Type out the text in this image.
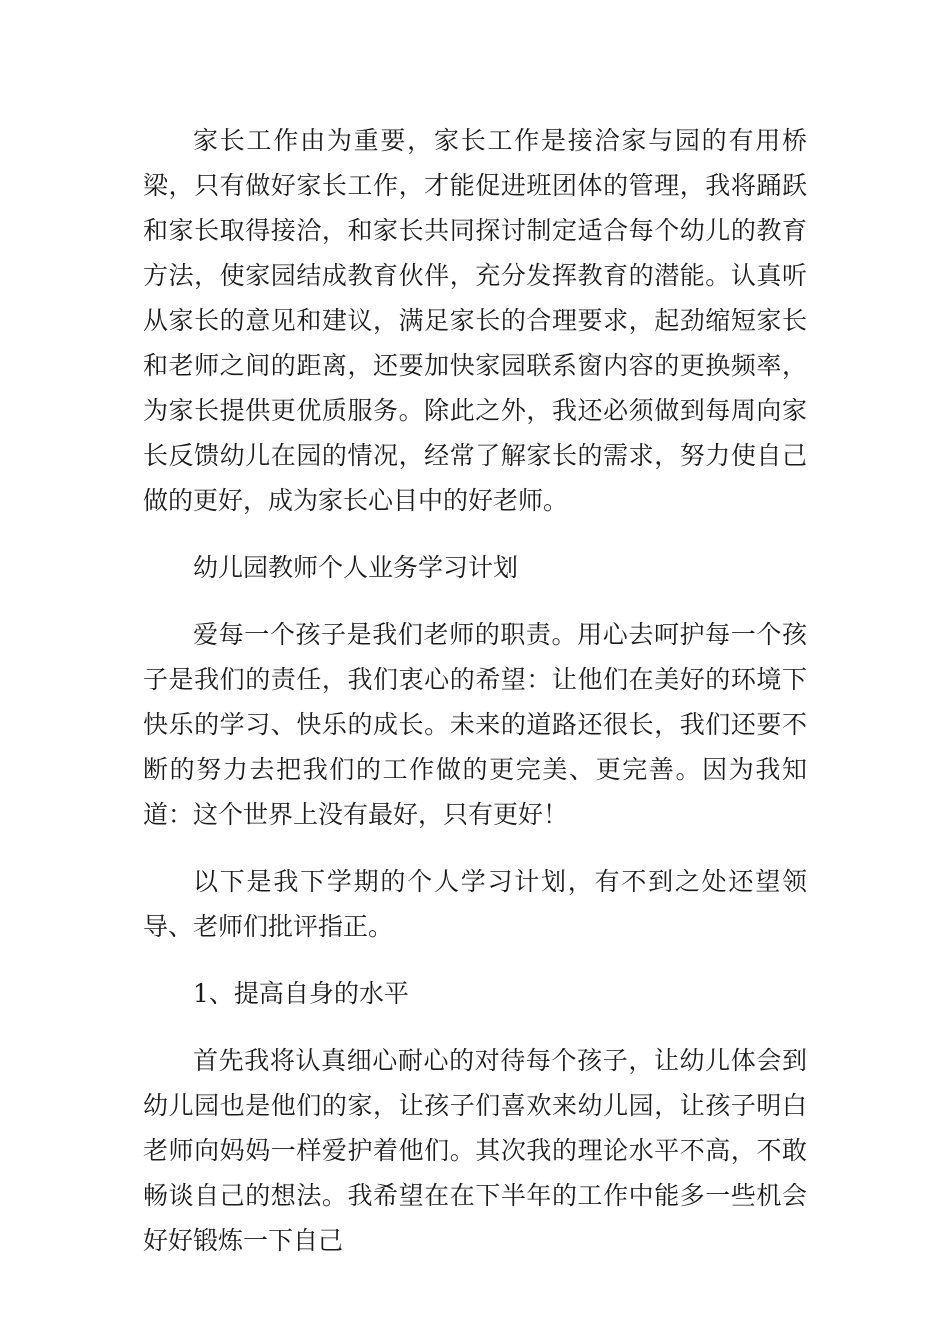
家长工作由为重要，家长工作是接洽家与园的有用桥梁，只有做好家长工作，才能促进班团体的管理，我将踊跃和家长取得接洽，和家长共同探讨制定适合每个幼儿的教育方法，使家园结成教育伙伴，充分发挥教育的潜能。认真听从家长的意见和建议，满足家长的合理要求，起劲缩短家长和老师之间的距离，还要加快家园联系窗内容的更换频率，为家长提供更优质服务。除此之外，我还必须做到每周向家长反馈幼儿在园的情况，经常了解家长的需求，努力使自己做的更好，成为家长心目中的好老师。

幼儿园教师个人业务学习计划

爱每一个孩子是我们老师的职责。用心去呵护每一个孩子是我们的责任，我们衷心的希望：让他们在美好的环境下快乐的学习、快乐的成长。未来的道路还很长，我们还要不断的努力去把我们的工作做的更完美、更完善。因为我知道：这个世界上没有最好，只有更好！

以下是我下学期的个人学习计划，有不到之处还望领导、老师们批评指正。

1、提高自身的水平

首先我将认真细心耐心的对待每个孩子，让幼儿体会到幼儿园也是他们的家，让孩子们喜欢来幼儿园，让孩子明白老师向妈妈一样爱护着他们。其次我的理论水平不高，不敢畅谈自己的想法。我希望在在下半年的工作中能多一些机会好好锻炼一下自己
